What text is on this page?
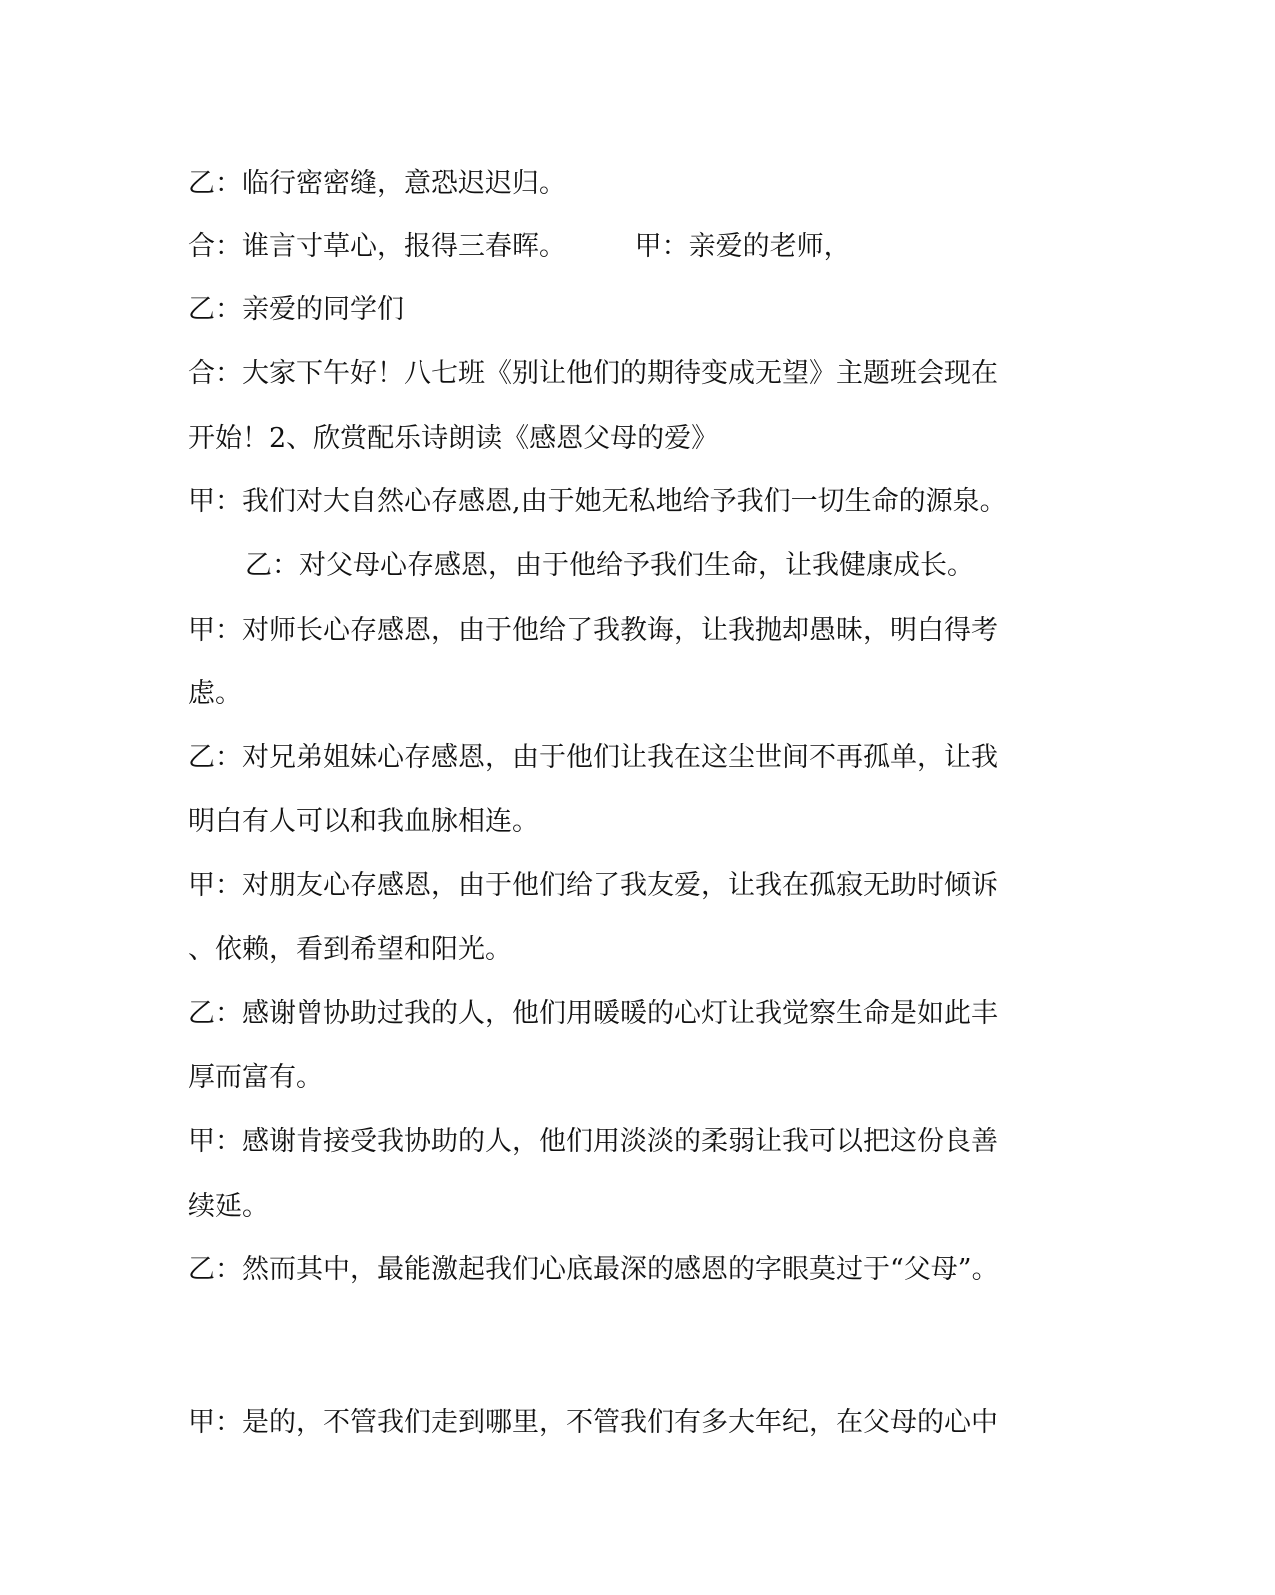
乙：临行密密缝，意恐迟迟归。
合：谁言寸草心，报得三春晖。        甲：亲爱的老师，
乙：亲爱的同学们
合：大家下午好！八七班《别让他们的期待变成无望》主题班会现在
开始！2、欣赏配乐诗朗读《感恩父母的爱》
甲：我们对大自然心存感恩,由于她无私地给予我们一切生命的源泉。
乙：对父母心存感恩，由于他给予我们生命，让我健康成长。
甲：对师长心存感恩，由于他给了我教诲，让我抛却愚昧，明白得考
虑。
乙：对兄弟姐妹心存感恩，由于他们让我在这尘世间不再孤单，让我
明白有人可以和我血脉相连。
甲：对朋友心存感恩，由于他们给了我友爱，让我在孤寂无助时倾诉
、依赖，看到希望和阳光。
乙：感谢曾协助过我的人，他们用暖暖的心灯让我觉察生命是如此丰
厚而富有。
甲：感谢肯接受我协助的人，他们用淡淡的柔弱让我可以把这份良善
续延。
乙：然而其中，最能激起我们心底最深的感恩的字眼莫过于“父母”。
甲：是的，不管我们走到哪里，不管我们有多大年纪，在父母的心中
